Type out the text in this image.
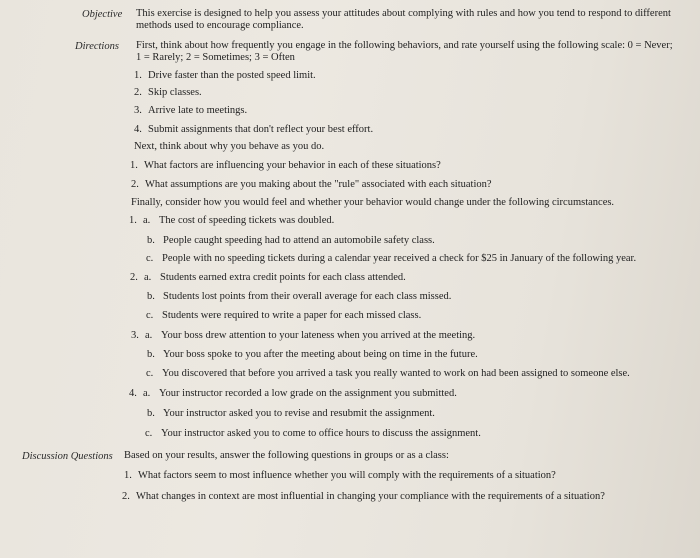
Objective This exercise is designed to help you assess your attitudes about complying with rules and how you tend to respond to different
methods used to encourage compliance.
Directions First, think about how frequently you engage in the following behaviors, and rate yourself using the following scale: 0 = Never;
1 = Rarely; 2 = Sometimes; 3 = Often
1. Drive faster than the posted speed limit.
2. Skip classes.
3. Arrive late to meetings.
4. Submit assignments that don't reflect your best effort.
Next, think about why you behave as you do.
1. What factors are influencing your behavior in each of these situations?
2. What assumptions are you making about the "rule" associated with each situation?
Finally, consider how you would feel and whether your behavior would change under the following circumstances.
1. a. The cost of speeding tickets was doubled.
b. People caught speeding had to attend an automobile safety class.
c. People with no speeding tickets during a calendar year received a check for $25 in January of the following year.
2. a. Students earned extra credit points for each class attended.
b. Students lost points from their overall average for each class missed.
c. Students were required to write a paper for each missed class.
3. a. Your boss drew attention to your lateness when you arrived at the meeting.
b. Your boss spoke to you after the meeting about being on time in the future.
c. You discovered that before you arrived a task you really wanted to work on had been assigned to someone else.
4. a. Your instructor recorded a low grade on the assignment you submitted.
b. Your instructor asked you to revise and resubmit the assignment.
c. Your instructor asked you to come to office hours to discuss the assignment.
Discussion Questions Based on your results, answer the following questions in groups or as a class:
1. What factors seem to most influence whether you will comply with the requirements of a situation?
2. What changes in context are most influential in changing your compliance with the requirements of a situation?
